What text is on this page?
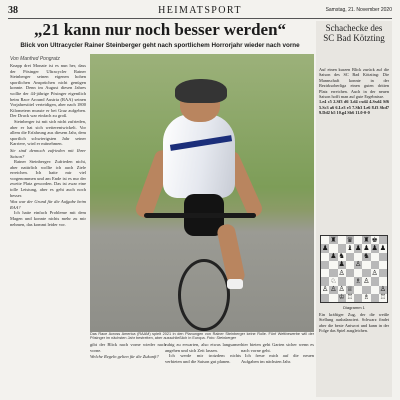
38	HEIMATSPORT	Samstag, 21. November 2020
„21 kann nur noch besser werden“
Blick von Ultracycler Rainer Steinberger geht nach sportlichem Horrorjahr wieder nach vorne
Von Manfred Pongratz

Knapp drei Monate ist es nun her, dass der Pösinger Ultracycler Rainer Steinberger seinen eigenen hohen sportlichen Ansprüchen nicht genügen konnte. Denn im August diesen Jahres wollte der 44-jährige Pösinger eigentlich beim Race Around Austria (RAA) seinen Vorjahrestitel verteidigen, aber nach 1800 Kilometern musste er bei Graz aufgeben. Der Druck war einfach zu groß.

Steinberger ist mit sich nicht zufrieden, aber er hat sich weiterentwickelt. Vor allem die Erfahrung aus diesem Jahr, dem sportlich schwierigsten Jahr seiner Karriere, wird er mitnehmen.

Sie sind dennoch zufrieden mit Ihrer Saison?

Rainer Steinberger: Zufrieden nicht, aber natürlich wollte ich auch Ziele erreichen. Ich hatte mir viel vorgenommen und am Ende ist es nur der zweite Platz geworden. Das ist zwar eine tolle Leistung, aber es geht auch noch besser.

Was war der Grund für die Aufgabe beim RAA?

Ich hatte einfach Probleme mit dem Magen und konnte nichts mehr zu mir nehmen, das kommt leider vor.

Das Race Across America (RAAM) spielt 2021 in den Planungen von Rainer Steinberger keine Rolle. Fünf Wettbewerbe will der Pösinger im nächsten Jahr bestreiten, aber ausschließlich in Europa. Foto: Steinberger

gibt der Blick nach vorne wieder nach vorne.

Welche Regeln gelten für die Zukunft?

ruhig zu erwarten, also etwas langsamer angehen und sich Zeit lassen.

Ich werde mir trotzdem nichts verbieten und die Saison gut planen.

hier bieten geht Garten sicher wenn es nach vorne geht.

Ich freue mich auf die neuen Aufgaben im nächsten Jahr.

Schachecke des
SC Bad Kötzting

Auf einen kurzen Blick zurück auf die Saison des SC Bad Kötzting: Die Mannschaft konnte in der Bezirksoberliga einen guten dritten Platz erreichen. Auch in der neuen Saison hofft man auf gute Ergebnisse.

1.e4 c5 2.Sf3 d6 3.d4 cxd4 4.Sxd4 Sf6 5.Sc3 a6 6.Le3 e5 7.Sb3 Le6 8.f3 Sbd7 9.Dd2 b5 10.g4 Sb6 11.0-0-0

♜ ♛ ♜ ♚
♟	♝ ♟ ♟ ♟ ♟
♟ ♞	♞
♟ ♙
♙	♙
♘	♗ ♙
♙ ♙ ♙ ♕	♙
♔ ♖ ♗ ♖
Diagramm 1
Ein kräftiger Zug, der die weiße Stellung ausbalanciert. Schwarz findet aber die beste Antwort und kann in der Folge das Spiel ausgleichen.
